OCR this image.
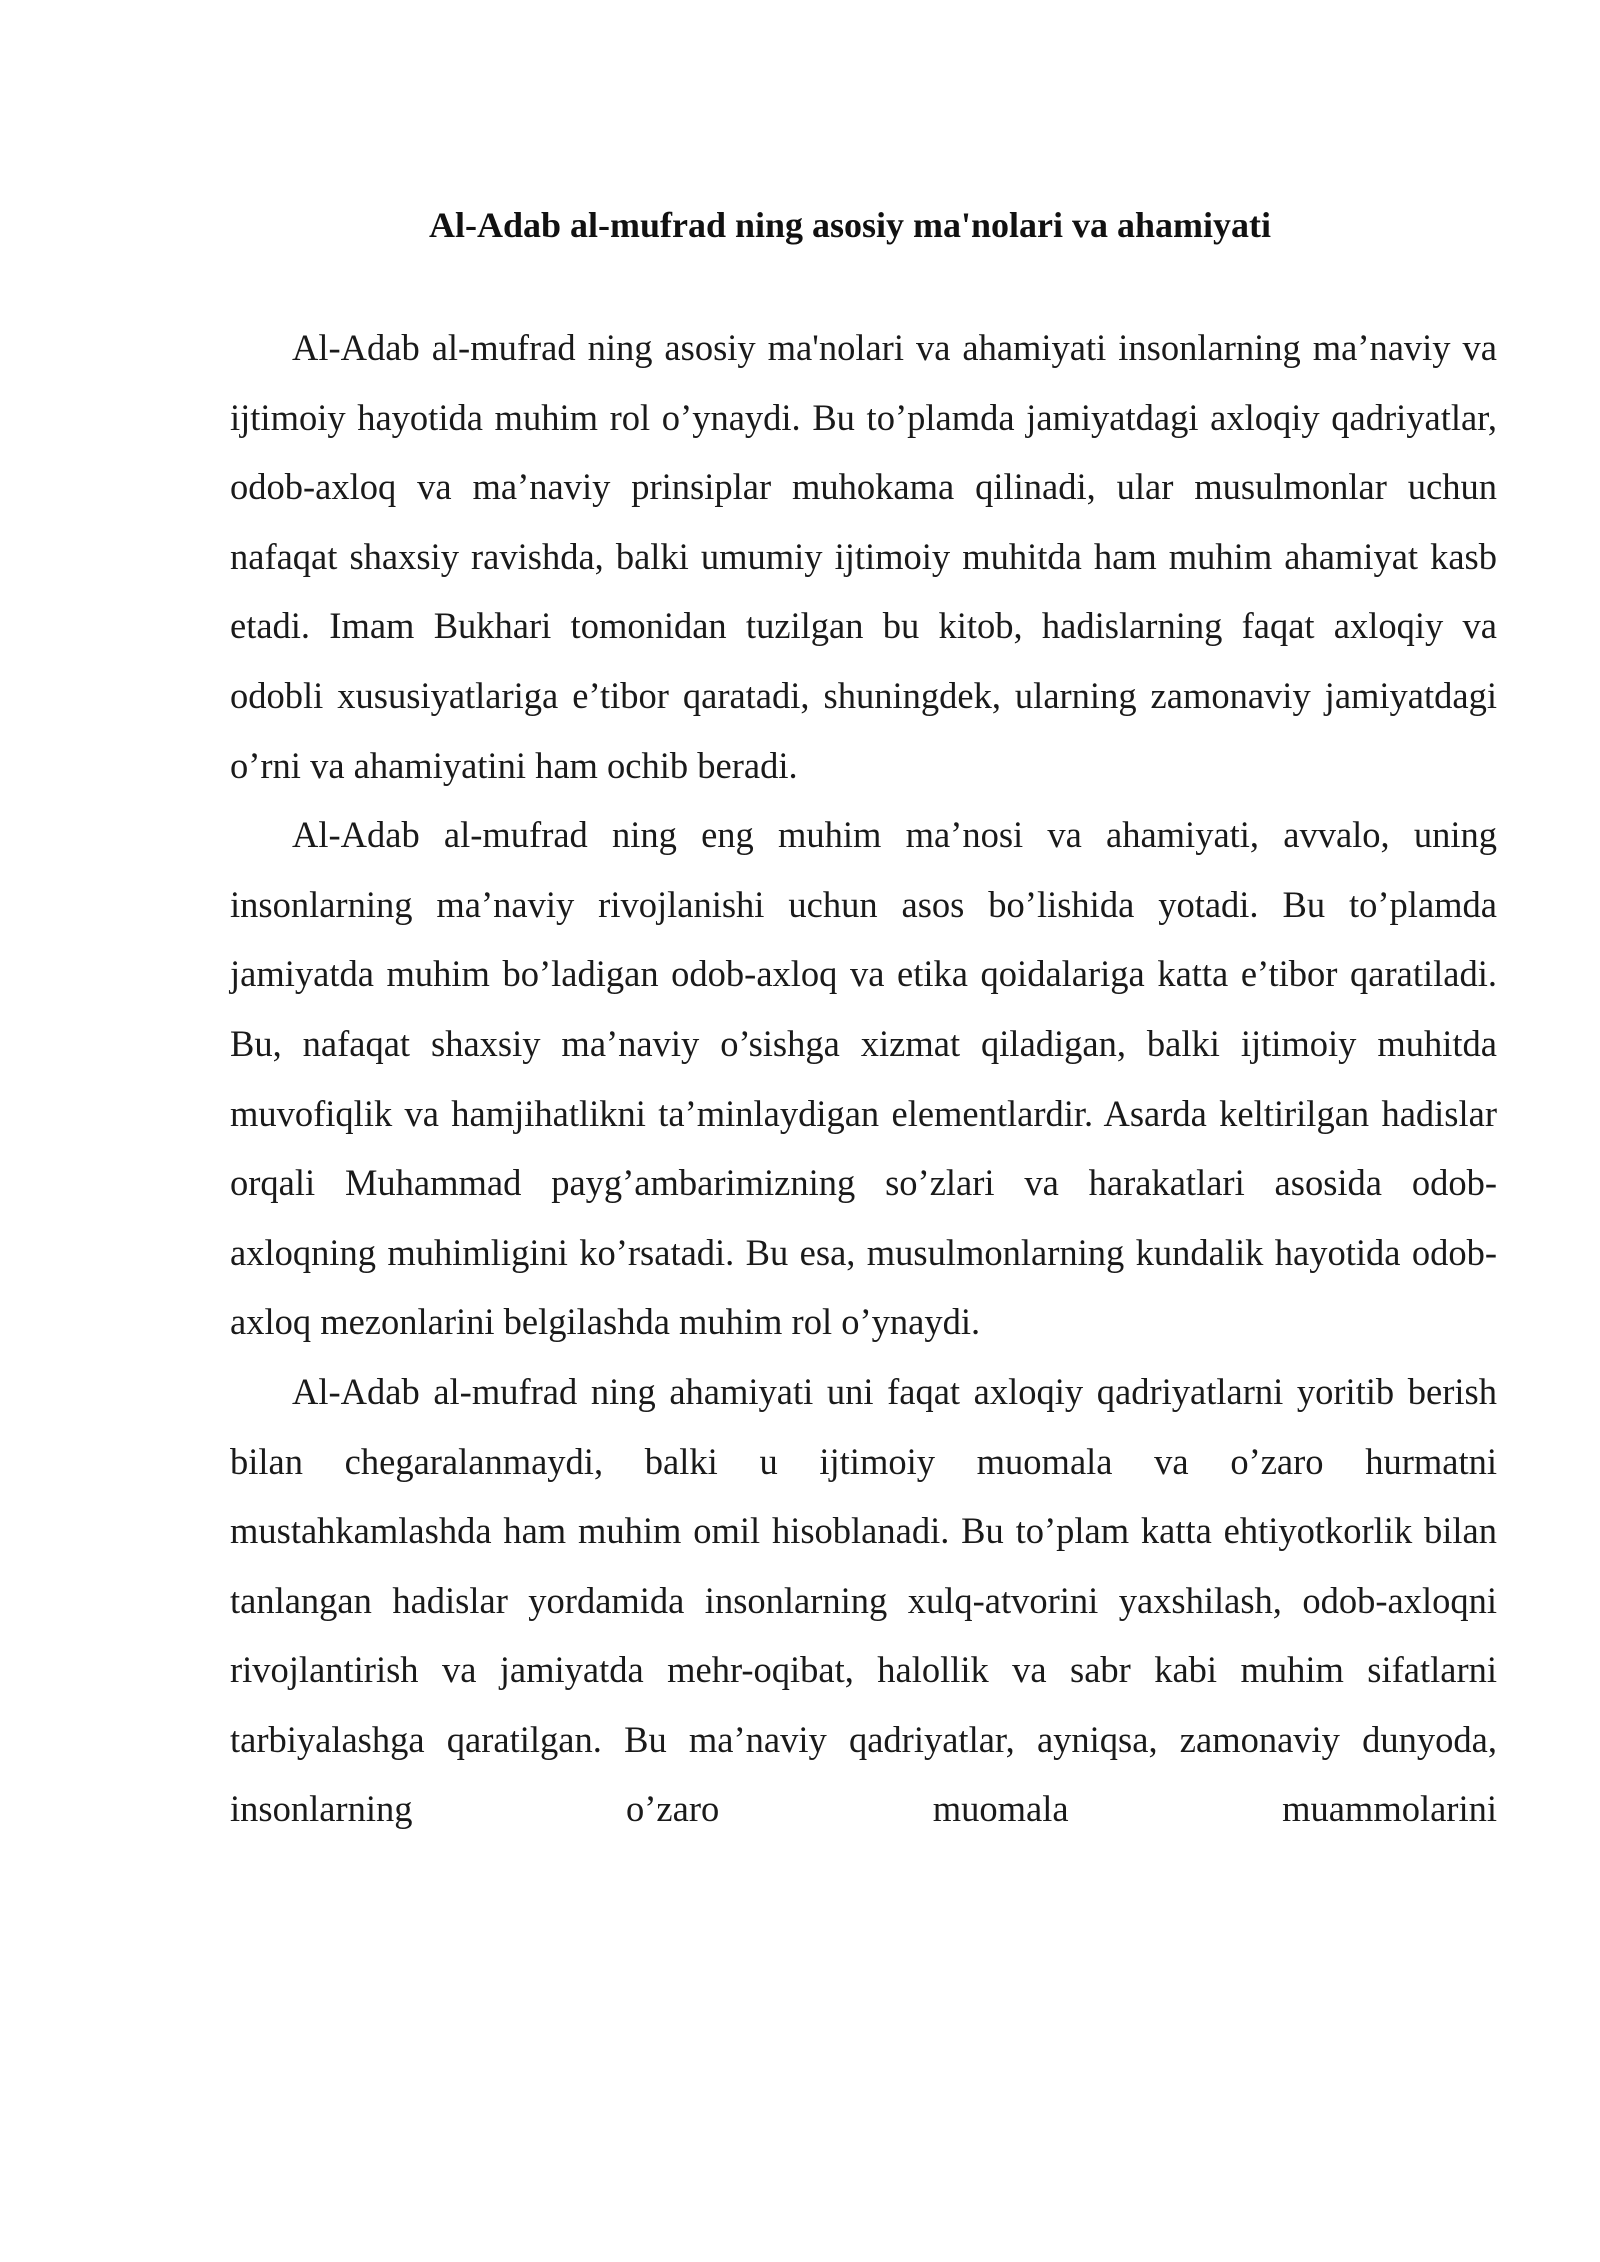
Al-Adab al-mufrad ning asosiy ma'nolari va ahamiyati

Al-Adab al-mufrad ning asosiy ma'nolari va ahamiyati insonlarning ma’naviy va ijtimoiy hayotida muhim rol o’ynaydi. Bu to’plamda jamiyatdagi axloqiy qadriyatlar, odob-axloq va ma’naviy prinsiplar muhokama qilinadi, ular musulmonlar uchun nafaqat shaxsiy ravishda, balki umumiy ijtimoiy muhitda ham muhim ahamiyat kasb etadi. Imam Bukhari tomonidan tuzilgan bu kitob, hadislarning faqat axloqiy va odobli xususiyatlariga e’tibor qaratadi, shuningdek, ularning zamonaviy jamiyatdagi o’rni va ahamiyatini ham ochib beradi.

Al-Adab al-mufrad ning eng muhim ma’nosi va ahamiyati, avvalo, uning insonlarning ma’naviy rivojlanishi uchun asos bo’lishida yotadi. Bu to’plamda jamiyatda muhim bo’ladigan odob-axloq va etika qoidalariga katta e’tibor qaratiladi. Bu, nafaqat shaxsiy ma’naviy o’sishga xizmat qiladigan, balki ijtimoiy muhitda muvofiqlik va hamjihatlikni ta’minlaydigan elementlardir. Asarda keltirilgan hadislar orqali Muhammad payg’ambarimizning so’zlari va harakatlari asosida odob-axloqning muhimligini ko’rsatadi. Bu esa, musulmonlarning kundalik hayotida odob-axloq mezonlarini belgilashda muhim rol o’ynaydi.

Al-Adab al-mufrad ning ahamiyati uni faqat axloqiy qadriyatlarni yoritib berish bilan chegaralanmaydi, balki u ijtimoiy muomala va o’zaro hurmatni mustahkamlashda ham muhim omil hisoblanadi. Bu to’plam katta ehtiyotkorlik bilan tanlangan hadislar yordamida insonlarning xulq-atvorini yaxshilash, odob-axloqni rivojlantirish va jamiyatda mehr-oqibat, halollik va sabr kabi muhim sifatlarni tarbiyalashga qaratilgan. Bu ma’naviy qadriyatlar, ayniqsa, zamonaviy dunyoda, insonlarning o’zaro muomala muammolarini
